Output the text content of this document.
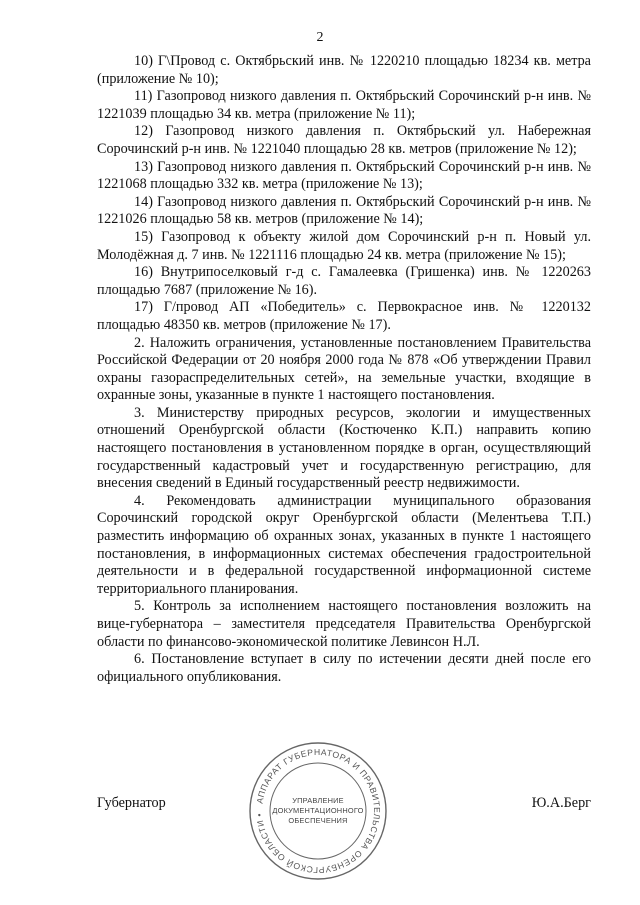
2

10) Г\Провод с. Октябрьский инв. № 1220210 площадью 18234 кв. метра (приложение № 10);

11) Газопровод низкого давления п. Октябрьский Сорочинский р-н инв. № 1221039 площадью 34 кв. метра (приложение № 11);

12) Газопровод низкого давления п. Октябрьский ул. Набережная Сорочинский р-н инв. № 1221040 площадью 28 кв. метров (приложение № 12);

13) Газопровод низкого давления п. Октябрьский Сорочинский р-н инв. № 1221068 площадью 332 кв. метра (приложение № 13);

14) Газопровод низкого давления п. Октябрьский Сорочинский р-н инв. № 1221026 площадью 58 кв. метров (приложение № 14);

15) Газопровод к объекту жилой дом Сорочинский р-н п. Новый ул. Молодёжная д. 7 инв. № 1221116 площадью 24 кв. метра (приложение № 15);

16) Внутрипоселковый г-д с. Гамалеевка (Гришенка) инв. № 1220263 площадью 7687 (приложение № 16).

17) Г/провод АП «Победитель» с. Первокрасное инв. № 1220132 площадью 48350 кв. метров (приложение № 17).

2. Наложить ограничения, установленные постановлением Правительства Российской Федерации от 20 ноября 2000 года № 878 «Об утверждении Правил охраны газораспределительных сетей», на земельные участки, входящие в охранные зоны, указанные в пункте 1 настоящего постановления.

3. Министерству природных ресурсов, экологии и имущественных отношений Оренбургской области (Костюченко К.П.) направить копию настоящего постановления в установленном порядке в орган, осуществляющий государственный кадастровый учет и государственную регистрацию, для внесения сведений в Единый государственный реестр недвижимости.

4. Рекомендовать администрации муниципального образования Сорочинский городской округ Оренбургской области (Мелентьева Т.П.) разместить информацию об охранных зонах, указанных в пункте 1 настоящего постановления, в информационных системах обеспечения градостроительной деятельности и в федеральной государственной информационной системе территориального планирования.

5. Контроль за исполнением настоящего постановления возложить на вице-губернатора – заместителя председателя Правительства Оренбургской области по финансово-экономической политике Левинсон Н.Л.

6. Постановление вступает в силу по истечении десяти дней после его официального опубликования.

АППАРАТ ГУБЕРНАТОРА И ПРАВИТЕЛЬСТВА ОРЕНБУРГСКОЙ ОБЛАСТИ •
УПРАВЛЕНИЕ
ДОКУМЕНТАЦИОННОГО
ОБЕСПЕЧЕНИЯ
Губернатор	Ю.А.Берг
